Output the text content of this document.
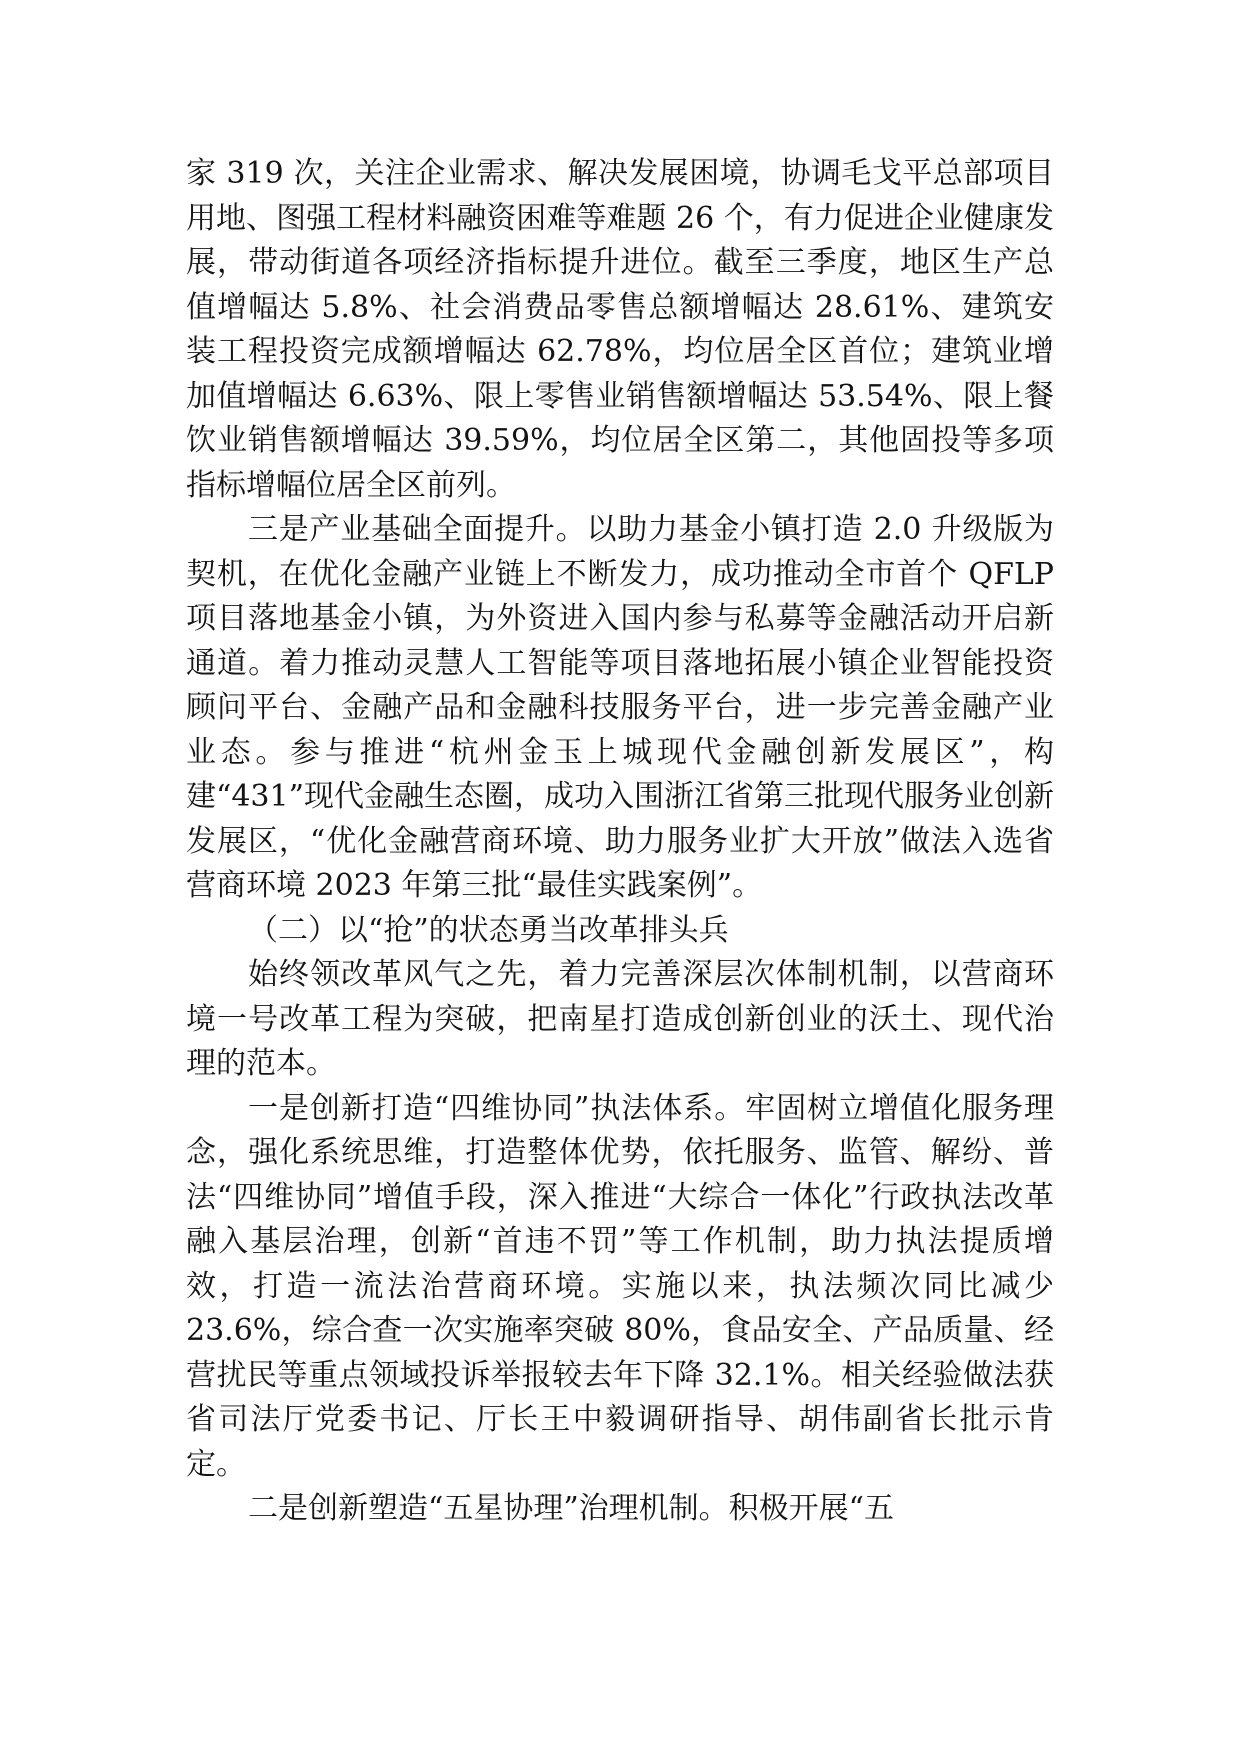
家 319 次，关注企业需求、解决发展困境，协调毛戈平总部项目用地、图强工程材料融资困难等难题 26 个，有力促进企业健康发展，带动街道各项经济指标提升进位。截至三季度，地区生产总值增幅达 5.8%、社会消费品零售总额增幅达 28.61%、建筑安装工程投资完成额增幅达 62.78%，均位居全区首位；建筑业增加值增幅达 6.63%、限上零售业销售额增幅达 53.54%、限上餐饮业销售额增幅达 39.59%，均位居全区第二，其他固投等多项指标增幅位居全区前列。

三是产业基础全面提升。以助力基金小镇打造 2.0 升级版为契机，在优化金融产业链上不断发力，成功推动全市首个 QFLP 项目落地基金小镇，为外资进入国内参与私募等金融活动开启新通道。着力推动灵慧人工智能等项目落地拓展小镇企业智能投资顾问平台、金融产品和金融科技服务平台，进一步完善金融产业业态。参与推进“杭州金玉上城现代金融创新发展区”，构建“431”现代金融生态圈，成功入围浙江省第三批现代服务业创新发展区，“优化金融营商环境、助力服务业扩大开放”做法入选省营商环境 2023 年第三批“最佳实践案例”。

（二）以“抢”的状态勇当改革排头兵

始终领改革风气之先，着力完善深层次体制机制，以营商环境一号改革工程为突破，把南星打造成创新创业的沃土、现代治理的范本。

一是创新打造“四维协同”执法体系。牢固树立增值化服务理念，强化系统思维，打造整体优势，依托服务、监管、解纷、普法“四维协同”增值手段，深入推进“大综合一体化”行政执法改革融入基层治理，创新“首违不罚”等工作机制，助力执法提质增效，打造一流法治营商环境。实施以来，执法频次同比减少 23.6%，综合查一次实施率突破 80%，食品安全、产品质量、经营扰民等重点领域投诉举报较去年下降 32.1%。相关经验做法获省司法厅党委书记、厅长王中毅调研指导、胡伟副省长批示肯定。

二是创新塑造“五星协理”治理机制。积极开展“五
